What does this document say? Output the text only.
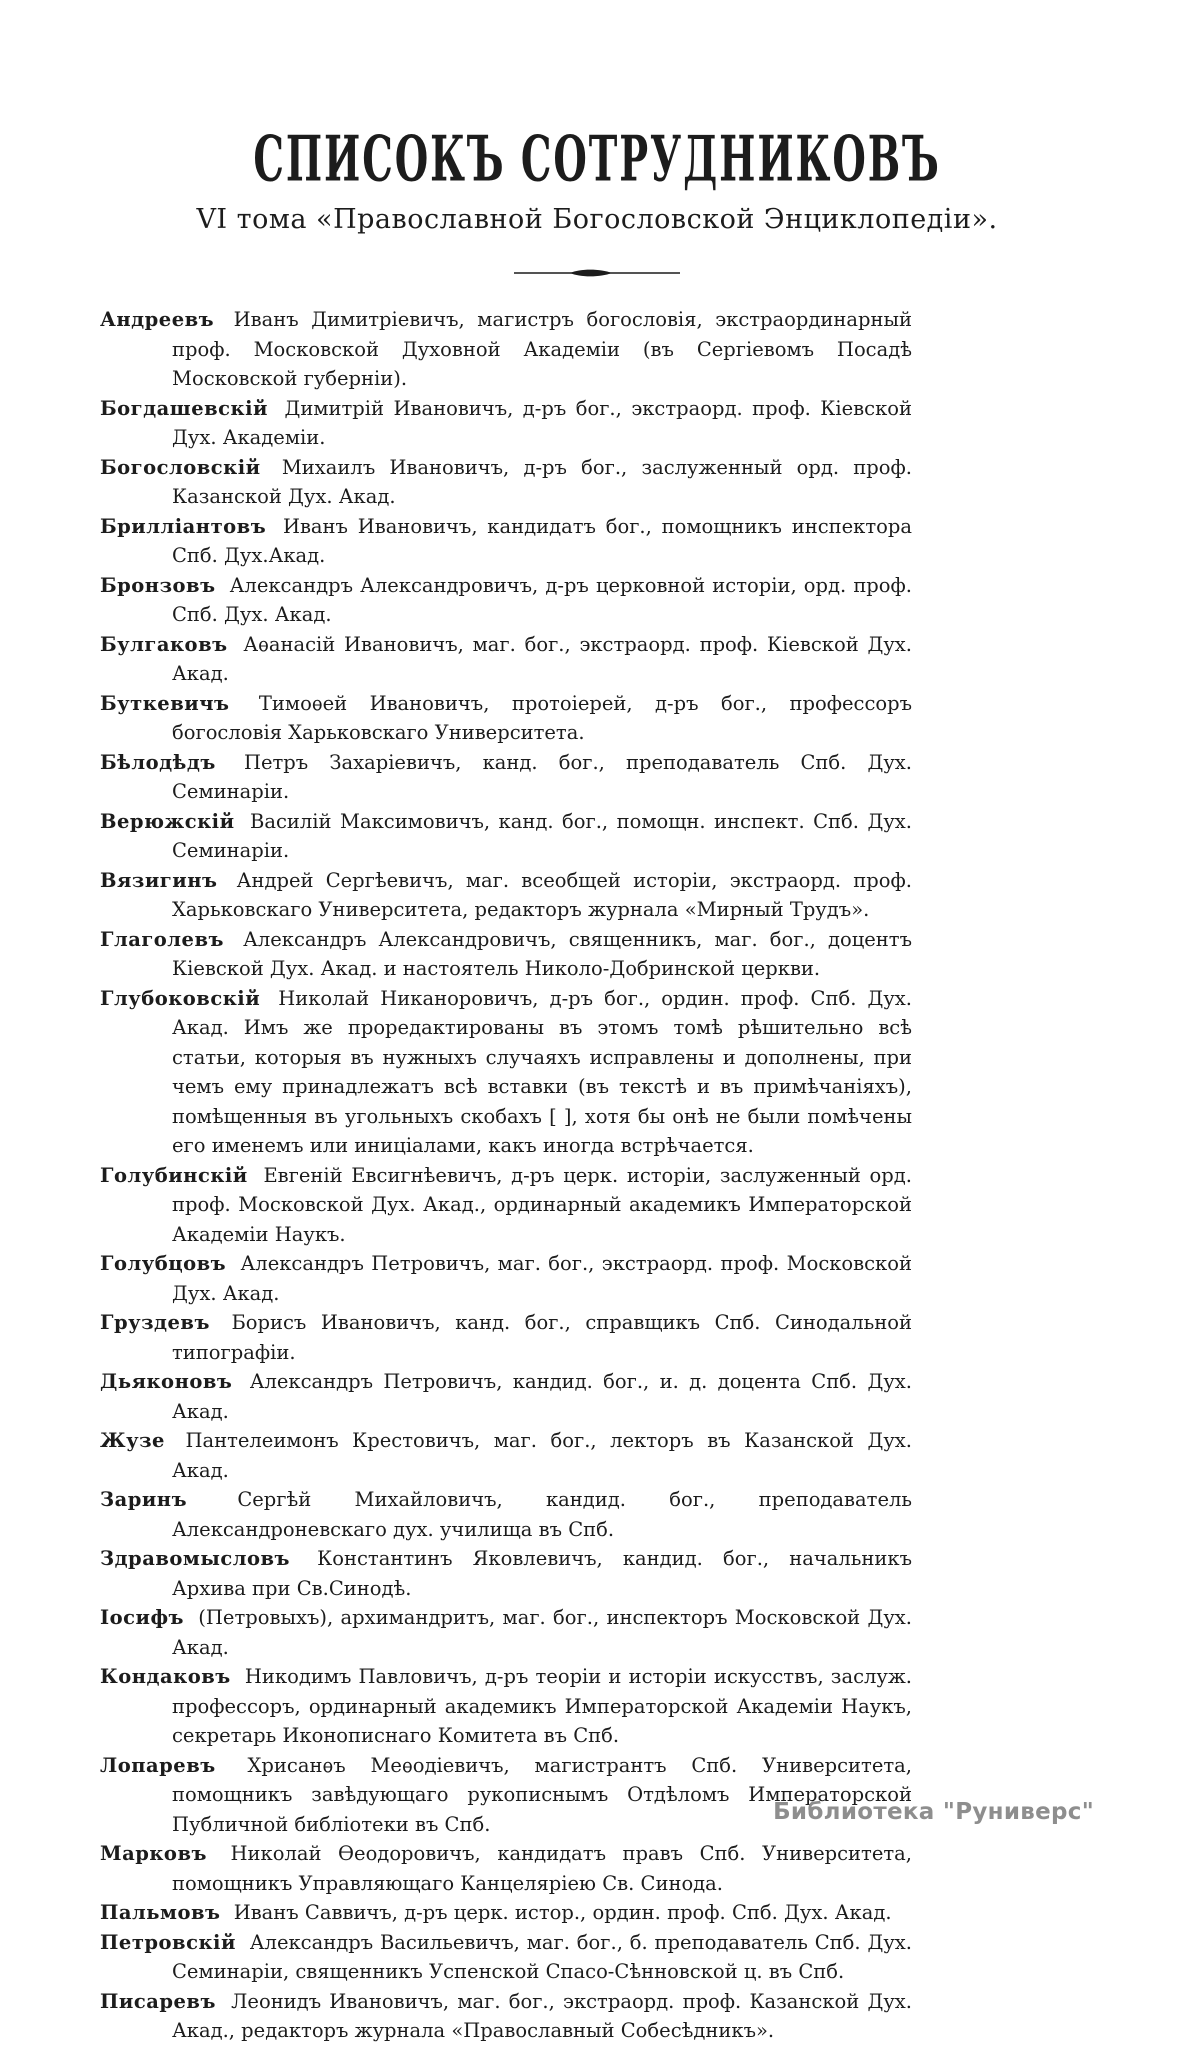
СПИСОКЪ СОТРУДНИКОВЪ
VI тома «Православной Богословской Энциклопедіи».

Андреевъ Иванъ Димитріевичъ, магистръ богословія, экстраординарный проф. Московской Духовной Академіи (въ Сергіевомъ Посадѣ Московской губерніи).

Богдашевскій Димитрій Ивановичъ, д-ръ бог., экстраорд. проф. Кіевской Дух. Академіи.

Богословскій Михаилъ Ивановичъ, д-ръ бог., заслуженный орд. проф. Казанской Дух. Акад.

Брилліантовъ Иванъ Ивановичъ, кандидатъ бог., помощникъ инспектора Спб. Дух.Акад.

Бронзовъ Александръ Александровичъ, д-ръ церковной исторіи, орд. проф. Спб. Дух. Акад.

Булгаковъ Аѳанасій Ивановичъ, маг. бог., экстраорд. проф. Кіевской Дух. Акад.

Буткевичъ Тимоѳей Ивановичъ, протоіерей, д-ръ бог., профессоръ богословія Харьковскаго Университета.

Бѣлодѣдъ Петръ Захаріевичъ, канд. бог., преподаватель Спб. Дух. Семинаріи.

Верюжскій Василій Максимовичъ, канд. бог., помощн. инспект. Спб. Дух. Семинаріи.

Вязигинъ Андрей Сергѣевичъ, маг. всеобщей исторіи, экстраорд. проф. Харьковскаго Университета, редакторъ журнала «Мирный Трудъ».

Глаголевъ Александръ Александровичъ, священникъ, маг. бог., доцентъ Кіевской Дух. Акад. и настоятель Николо-Добринской церкви.

Глубоковскій Николай Никаноровичъ, д-ръ бог., ордин. проф. Спб. Дух. Акад. Имъ же проредактированы въ этомъ томѣ рѣшительно всѣ статьи, которыя въ нужныхъ случаяхъ исправлены и дополнены, при чемъ ему принадлежатъ всѣ вставки (въ текстѣ и въ примѣчаніяхъ), помѣщенныя въ угольныхъ скобахъ [ ], хотя бы онѣ не были помѣчены его именемъ или иниціалами, какъ иногда встрѣчается.

Голубинскій Евгеній Евсигнѣевичъ, д-ръ церк. исторіи, заслуженный орд. проф. Московской Дух. Акад., ординарный академикъ Императорской Академіи Наукъ.

Голубцовъ Александръ Петровичъ, маг. бог., экстраорд. проф. Московской Дух. Акад.

Груздевъ Борисъ Ивановичъ, канд. бог., справщикъ Спб. Синодальной типографіи.

Дьяконовъ Александръ Петровичъ, кандид. бог., и. д. доцента Спб. Дух. Акад.

Жузе Пантелеимонъ Крестовичъ, маг. бог., лекторъ въ Казанской Дух. Акад.

Заринъ Сергѣй Михайловичъ, кандид. бог., преподаватель Александроневскаго дух. училища въ Спб.

Здравомысловъ Константинъ Яковлевичъ, кандид. бог., начальникъ Архива при Св.Синодѣ.

Іосифъ (Петровыхъ), архимандритъ, маг. бог., инспекторъ Московской Дух. Акад.

Кондаковъ Никодимъ Павловичъ, д-ръ теоріи и исторіи искусствъ, заслуж. профессоръ, ординарный академикъ Императорской Академіи Наукъ, секретарь Иконописнаго Комитета въ Спб.

Лопаревъ Хрисанѳъ Меѳодіевичъ, магистрантъ Спб. Университета, помощникъ завѣдующаго рукописнымъ Отдѣломъ Императорской Публичной библіотеки въ Спб.

Марковъ Николай Ѳеодоровичъ, кандидатъ правъ Спб. Университета, помощникъ Управляющаго Канцеляріею Св. Синода.

Пальмовъ Иванъ Саввичъ, д-ръ церк. истор., ордин. проф. Спб. Дух. Акад.

Петровскій Александръ Васильевичъ, маг. бог., б. преподаватель Спб. Дух. Семинаріи, священникъ Успенской Спасо-Сѣнновской ц. въ Спб.

Писаревъ Леонидъ Ивановичъ, маг. бог., экстраорд. проф. Казанской Дух. Акад., редакторъ журнала «Православный Собесѣдникъ».

Библиотека "Руниверс"
